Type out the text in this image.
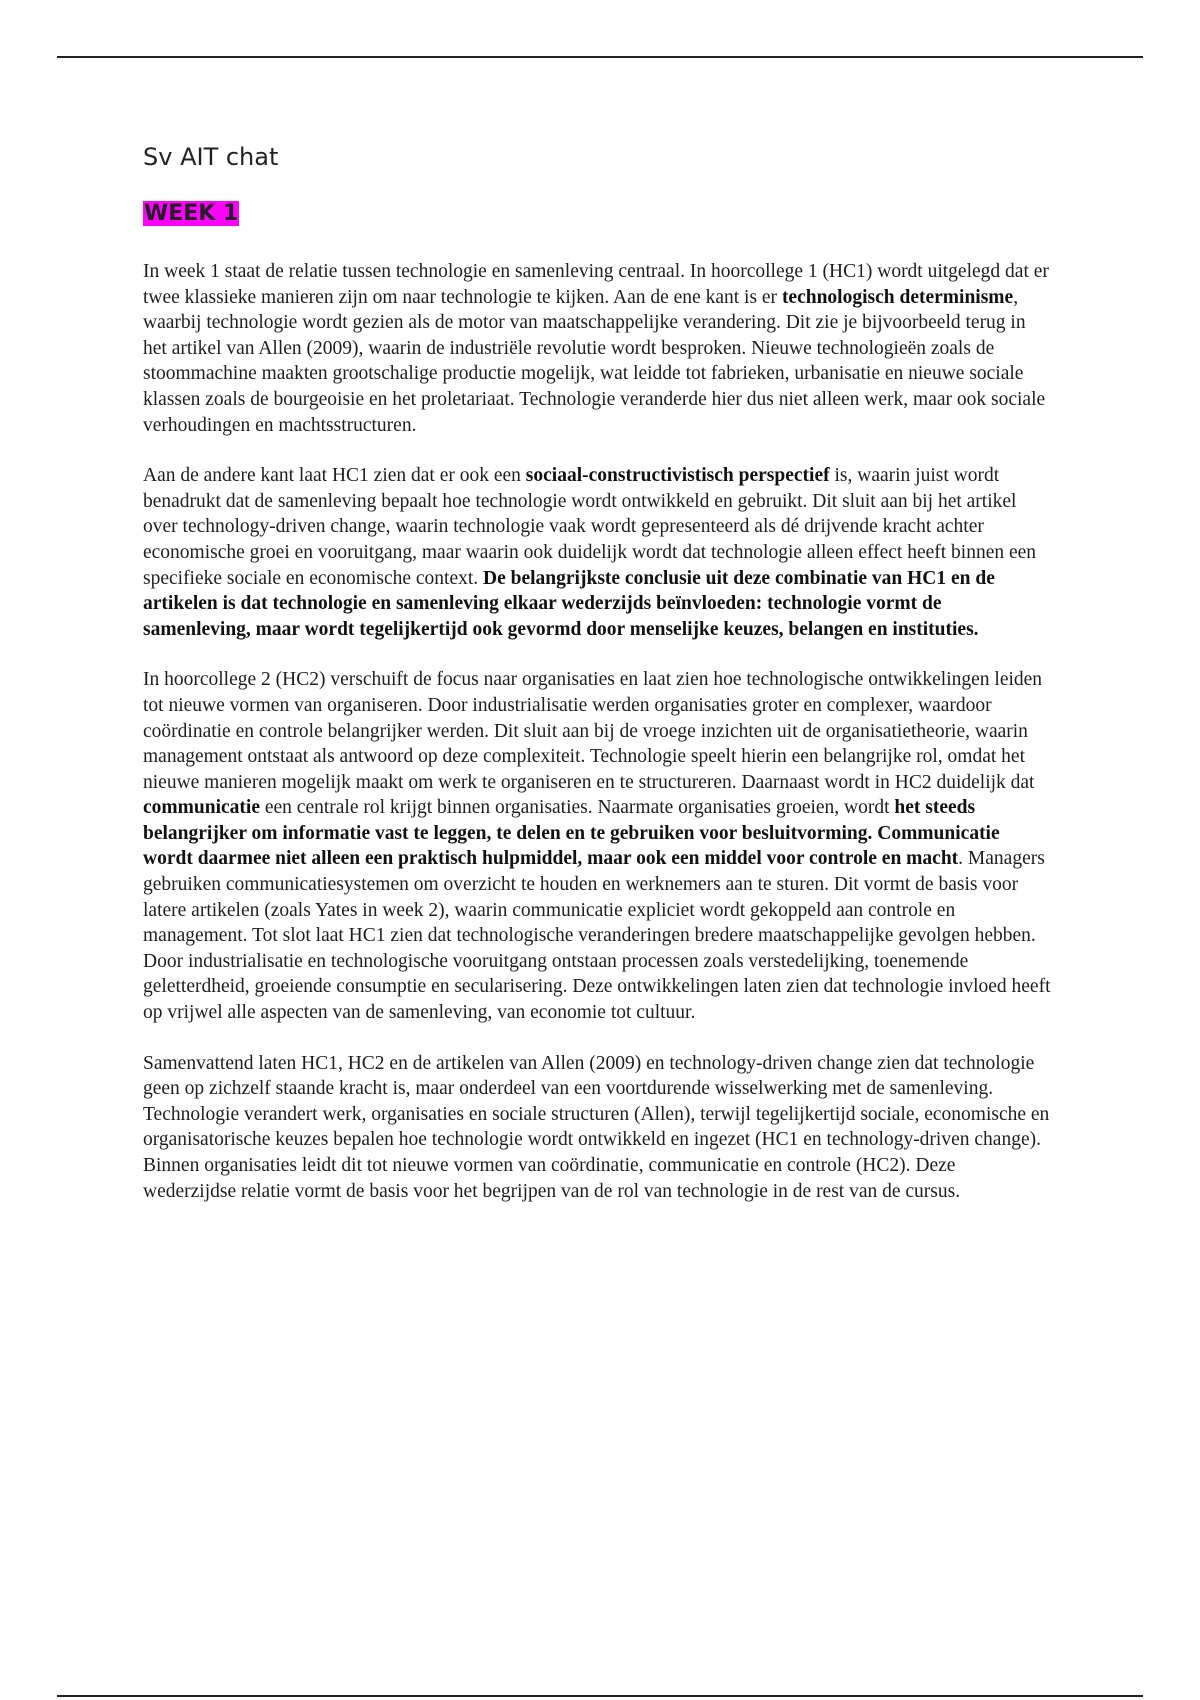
Sv AIT chat
WEEK 1

In week 1 staat de relatie tussen technologie en samenleving centraal. In hoorcollege 1 (HC1) wordt uitgelegd dat er twee klassieke manieren zijn om naar technologie te kijken. Aan de ene kant is er technologisch determinisme, waarbij technologie wordt gezien als de motor van maatschappelijke verandering. Dit zie je bijvoorbeeld terug in het artikel van Allen (2009), waarin de industriële revolutie wordt besproken. Nieuwe technologieën zoals de stoommachine maakten grootschalige productie mogelijk, wat leidde tot fabrieken, urbanisatie en nieuwe sociale klassen zoals de bourgeoisie en het proletariaat. Technologie veranderde hier dus niet alleen werk, maar ook sociale verhoudingen en machtsstructuren.

Aan de andere kant laat HC1 zien dat er ook een sociaal-constructivistisch perspectief is, waarin juist wordt benadrukt dat de samenleving bepaalt hoe technologie wordt ontwikkeld en gebruikt. Dit sluit aan bij het artikel over technology-driven change, waarin technologie vaak wordt gepresenteerd als dé drijvende kracht achter economische groei en vooruitgang, maar waarin ook duidelijk wordt dat technologie alleen effect heeft binnen een specifieke sociale en economische context. De belangrijkste conclusie uit deze combinatie van HC1 en de artikelen is dat technologie en samenleving elkaar wederzijds beïnvloeden: technologie vormt de samenleving, maar wordt tegelijkertijd ook gevormd door menselijke keuzes, belangen en instituties.

In hoorcollege 2 (HC2) verschuift de focus naar organisaties en laat zien hoe technologische ontwikkelingen leiden tot nieuwe vormen van organiseren. Door industrialisatie werden organisaties groter en complexer, waardoor coördinatie en controle belangrijker werden. Dit sluit aan bij de vroege inzichten uit de organisatietheorie, waarin management ontstaat als antwoord op deze complexiteit. Technologie speelt hierin een belangrijke rol, omdat het nieuwe manieren mogelijk maakt om werk te organiseren en te structureren. Daarnaast wordt in HC2 duidelijk dat communicatie een centrale rol krijgt binnen organisaties. Naarmate organisaties groeien, wordt het steeds belangrijker om informatie vast te leggen, te delen en te gebruiken voor besluitvorming. Communicatie wordt daarmee niet alleen een praktisch hulpmiddel, maar ook een middel voor controle en macht. Managers gebruiken communicatiesystemen om overzicht te houden en werknemers aan te sturen. Dit vormt de basis voor latere artikelen (zoals Yates in week 2), waarin communicatie expliciet wordt gekoppeld aan controle en management. Tot slot laat HC1 zien dat technologische veranderingen bredere maatschappelijke gevolgen hebben. Door industrialisatie en technologische vooruitgang ontstaan processen zoals verstedelijking, toenemende geletterdheid, groeiende consumptie en secularisering. Deze ontwikkelingen laten zien dat technologie invloed heeft op vrijwel alle aspecten van de samenleving, van economie tot cultuur.

Samenvattend laten HC1, HC2 en de artikelen van Allen (2009) en technology-driven change zien dat technologie geen op zichzelf staande kracht is, maar onderdeel van een voortdurende wisselwerking met de samenleving. Technologie verandert werk, organisaties en sociale structuren (Allen), terwijl tegelijkertijd sociale, economische en organisatorische keuzes bepalen hoe technologie wordt ontwikkeld en ingezet (HC1 en technology-driven change). Binnen organisaties leidt dit tot nieuwe vormen van coördinatie, communicatie en controle (HC2). Deze wederzijdse relatie vormt de basis voor het begrijpen van de rol van technologie in de rest van de cursus.
